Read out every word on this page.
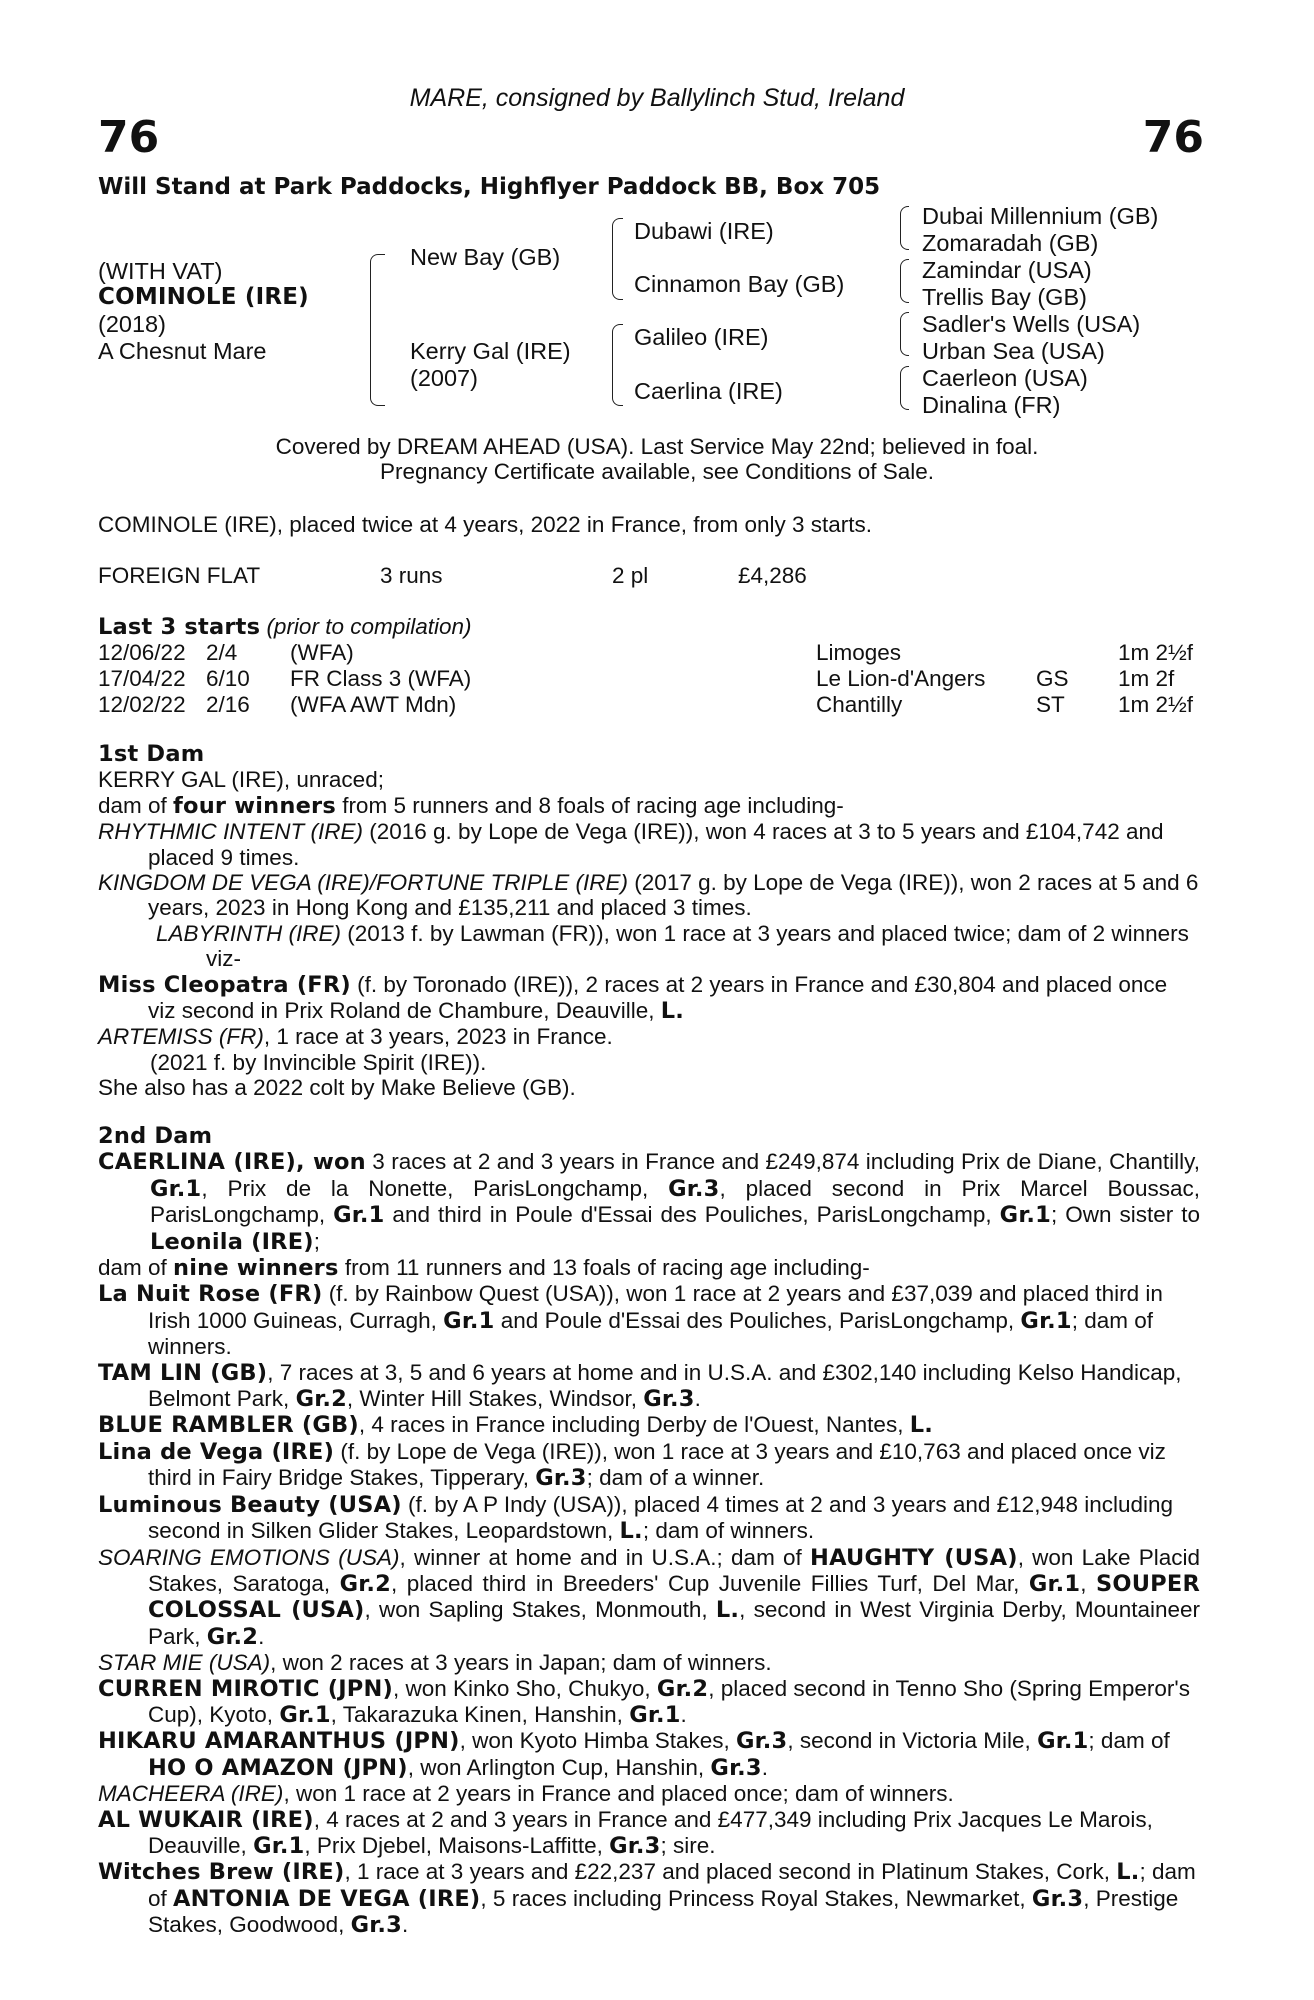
MARE, consigned by Ballylinch Stud, Ireland
76	76
Will Stand at Park Paddocks, Highflyer Paddock BB, Box 705
(WITH VAT)
COMINOLE (IRE)
(2018)
A Chesnut Mare
New Bay (GB)
Kerry Gal (IRE)
(2007)
Dubawi (IRE)
Cinnamon Bay (GB)
Galileo (IRE)
Caerlina (IRE)
Dubai Millennium (GB)
Zomaradah (GB)
Zamindar (USA)
Trellis Bay (GB)
Sadler's Wells (USA)
Urban Sea (USA)
Caerleon (USA)
Dinalina (FR)
Covered by DREAM AHEAD (USA). Last Service May 22nd; believed in foal.
Pregnancy Certificate available, see Conditions of Sale.
COMINOLE (IRE), placed twice at 4 years, 2022 in France, from only 3 starts.
FOREIGN FLAT	3 runs	2 pl	£4,286
Last 3 starts (prior to compilation)
12/06/22 2/4 (WFA)	Limoges	1m 2½f
17/04/22 6/10 FR Class 3 (WFA)	Le Lion-d'Angers GS 1m 2f
12/02/22 2/16 (WFA AWT Mdn)	Chantilly	ST 1m 2½f

1st Dam

KERRY GAL (IRE), unraced;

dam of four winners from 5 runners and 8 foals of racing age including-

RHYTHMIC INTENT (IRE) (2016 g. by Lope de Vega (IRE)), won 4 races at 3 to 5 years and £104,742 and placed 9 times.

KINGDOM DE VEGA (IRE)/FORTUNE TRIPLE (IRE) (2017 g. by Lope de Vega (IRE)), won 2 races at 5 and 6 years, 2023 in Hong Kong and £135,211 and placed 3 times.

LABYRINTH (IRE) (2013 f. by Lawman (FR)), won 1 race at 3 years and placed twice; dam of 2 winners viz-

Miss Cleopatra (FR) (f. by Toronado (IRE)), 2 races at 2 years in France and £30,804 and placed once viz second in Prix Roland de Chambure, Deauville, L.

ARTEMISS (FR), 1 race at 3 years, 2023 in France.

(2021 f. by Invincible Spirit (IRE)).

She also has a 2022 colt by Make Believe (GB).

2nd Dam

CAERLINA (IRE), won 3 races at 2 and 3 years in France and £249,874 including Prix de Diane, Chantilly, Gr.1, Prix de la Nonette, ParisLongchamp, Gr.3, placed second in Prix Marcel Boussac, ParisLongchamp, Gr.1 and third in Poule d'Essai des Pouliches, ParisLongchamp, Gr.1; Own sister to Leonila (IRE);

dam of nine winners from 11 runners and 13 foals of racing age including-

La Nuit Rose (FR) (f. by Rainbow Quest (USA)), won 1 race at 2 years and £37,039 and placed third in Irish 1000 Guineas, Curragh, Gr.1 and Poule d'Essai des Pouliches, ParisLongchamp, Gr.1; dam of winners.

TAM LIN (GB), 7 races at 3, 5 and 6 years at home and in U.S.A. and £302,140 including Kelso Handicap, Belmont Park, Gr.2, Winter Hill Stakes, Windsor, Gr.3.

BLUE RAMBLER (GB), 4 races in France including Derby de l'Ouest, Nantes, L.

Lina de Vega (IRE) (f. by Lope de Vega (IRE)), won 1 race at 3 years and £10,763 and placed once viz third in Fairy Bridge Stakes, Tipperary, Gr.3; dam of a winner.

Luminous Beauty (USA) (f. by A P Indy (USA)), placed 4 times at 2 and 3 years and £12,948 including second in Silken Glider Stakes, Leopardstown, L.; dam of winners.

SOARING EMOTIONS (USA), winner at home and in U.S.A.; dam of HAUGHTY (USA), won Lake Placid Stakes, Saratoga, Gr.2, placed third in Breeders' Cup Juvenile Fillies Turf, Del Mar, Gr.1, SOUPER COLOSSAL (USA), won Sapling Stakes, Monmouth, L., second in West Virginia Derby, Mountaineer Park, Gr.2.

STAR MIE (USA), won 2 races at 3 years in Japan; dam of winners.

CURREN MIROTIC (JPN), won Kinko Sho, Chukyo, Gr.2, placed second in Tenno Sho (Spring Emperor's Cup), Kyoto, Gr.1, Takarazuka Kinen, Hanshin, Gr.1.

HIKARU AMARANTHUS (JPN), won Kyoto Himba Stakes, Gr.3, second in Victoria Mile, Gr.1; dam of HO O AMAZON (JPN), won Arlington Cup, Hanshin, Gr.3.

MACHEERA (IRE), won 1 race at 2 years in France and placed once; dam of winners.

AL WUKAIR (IRE), 4 races at 2 and 3 years in France and £477,349 including Prix Jacques Le Marois, Deauville, Gr.1, Prix Djebel, Maisons-Laffitte, Gr.3; sire.

Witches Brew (IRE), 1 race at 3 years and £22,237 and placed second in Platinum Stakes, Cork, L.; dam of ANTONIA DE VEGA (IRE), 5 races including Princess Royal Stakes, Newmarket, Gr.3, Prestige Stakes, Goodwood, Gr.3.
